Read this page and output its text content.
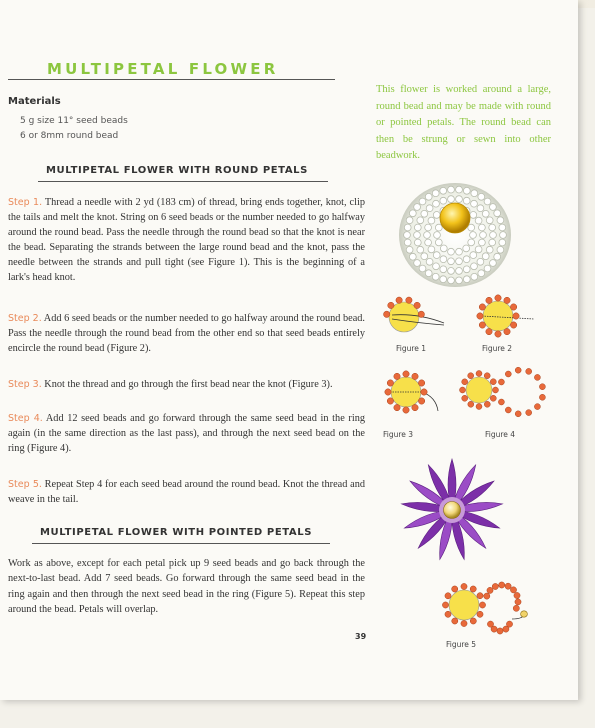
MULTIPETAL FLOWER
Materials
5 g size 11° seed beads
6 or 8mm round bead
MULTIPETAL FLOWER WITH ROUND PETALS
Step 1. Thread a needle with 2 yd (183 cm) of thread, bring ends together, knot, clip the tails and melt the knot. String on 6 seed beads or the number needed to go halfway around the round bead. Pass the needle through the round bead so that the knot is near the bead. Separating the strands between the large round bead and the knot, pass the needle between the strands and pull tight (see Figure 1). This is the beginning of a lark's head knot.
Step 2. Add 6 seed beads or the number needed to go halfway around the round bead. Pass the needle through the round bead from the other end so that seed beads entirely encircle the round bead (Figure 2).
Step 3. Knot the thread and go through the first bead near the knot (Figure 3).
Step 4. Add 12 seed beads and go forward through the same seed bead in the ring again (in the same direction as the last pass), and through the next seed bead on the ring (Figure 4).
Step 5. Repeat Step 4 for each seed bead around the round bead. Knot the thread and weave in the tail.
MULTIPETAL FLOWER WITH POINTED PETALS
Work as above, except for each petal pick up 9 seed beads and go back through the next-to-last bead. Add 7 seed beads. Go forward through the same seed bead in the ring again and then through the next seed bead in the ring (Figure 5). Repeat this step around the bead. Petals will overlap.
This flower is worked around a large, round bead and may be made with round or pointed petals. The round bead can then be strung or sewn into other beadwork.
Figure 1	Figure 2
Figure 3	Figure 4
Figure 5
39
